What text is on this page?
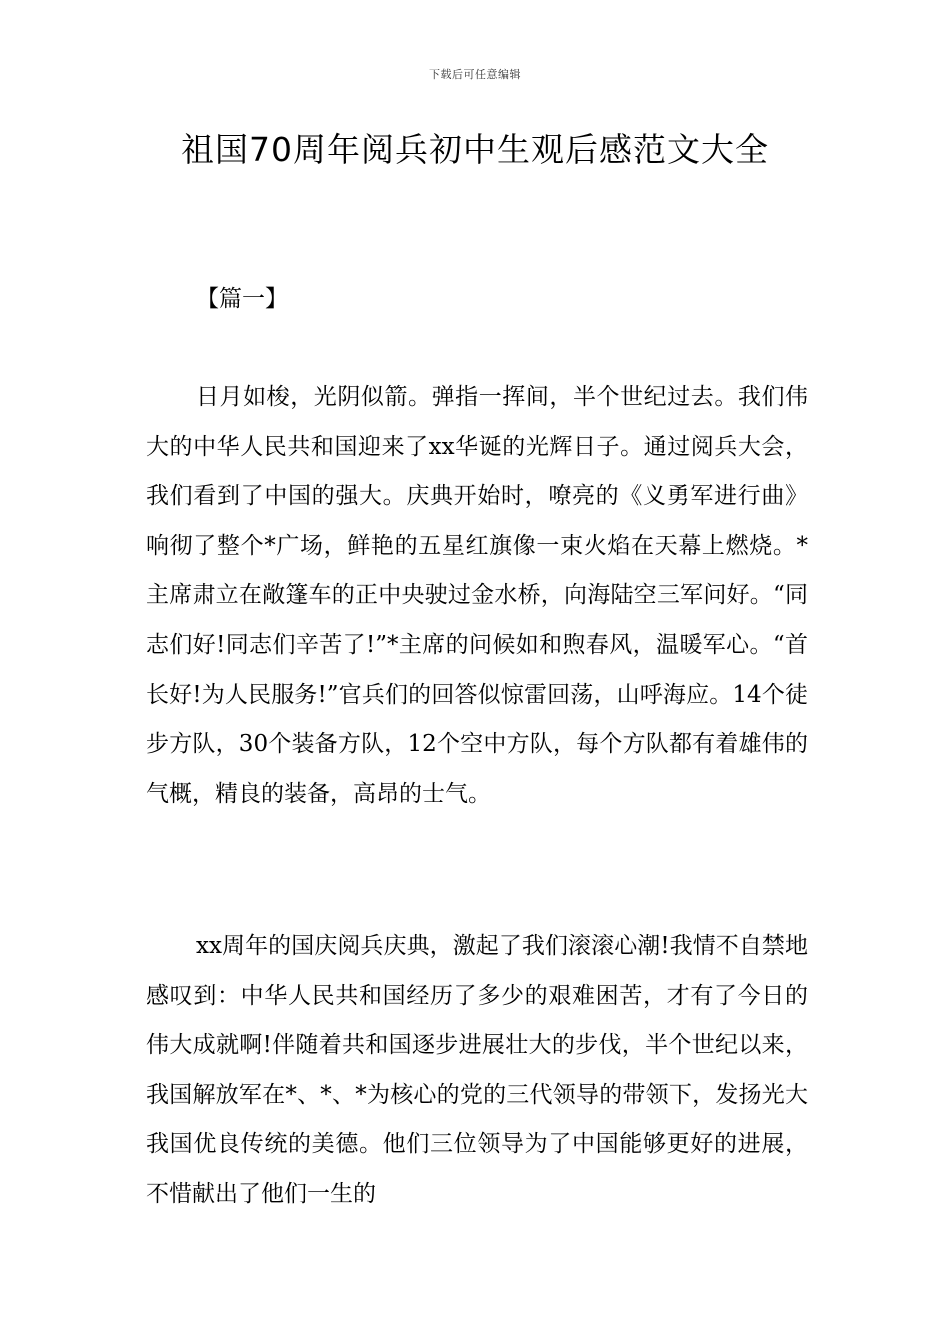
下载后可任意编辑
祖国70周年阅兵初中生观后感范文大全
【篇一】

日月如梭，光阴似箭。弹指一挥间，半个世纪过去。我们伟大的中华人民共和国迎来了xx华诞的光辉日子。通过阅兵大会，我们看到了中国的强大。庆典开始时，嘹亮的《义勇军进行曲》响彻了整个*广场，鲜艳的五星红旗像一束火焰在天幕上燃烧。*主席肃立在敞篷车的正中央驶过金水桥，向海陆空三军问好。“同志们好!同志们辛苦了!”*主席的问候如和煦春风，温暖军心。“首长好!为人民服务!”官兵们的回答似惊雷回荡，山呼海应。14个徒步方队，30个装备方队，12个空中方队，每个方队都有着雄伟的气概，精良的装备，高昂的士气。

xx周年的国庆阅兵庆典，激起了我们滚滚心潮!我情不自禁地感叹到：中华人民共和国经历了多少的艰难困苦，才有了今日的伟大成就啊!伴随着共和国逐步进展壮大的步伐，半个世纪以来，我国解放军在*、*、*为核心的党的三代领导的带领下，发扬光大我国优良传统的美德。他们三位领导为了中国能够更好的进展，不惜献出了他们一生的
